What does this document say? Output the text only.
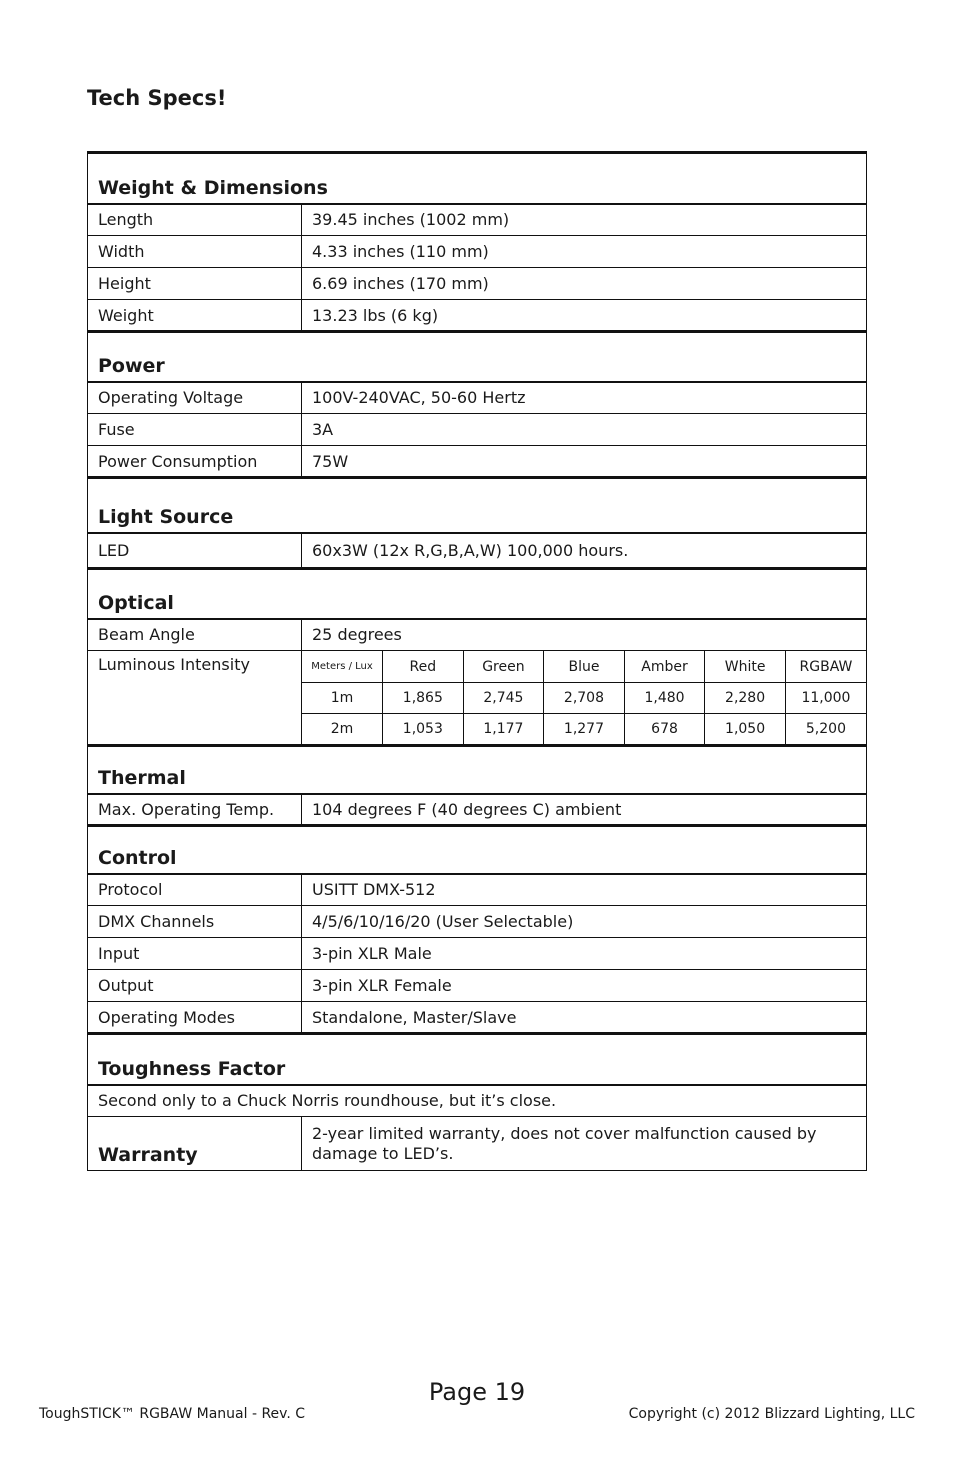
Tech Specs!
Weight & Dimensions
Length	39.45 inches (1002 mm)
Width	4.33 inches (110 mm)
Height	6.69 inches (170 mm)
Weight	13.23 lbs (6 kg)
Power
Operating Voltage	100V-240VAC, 50-60 Hertz
Fuse	3A
Power Consumption	75W
Light Source
LED	60x3W (12x R,G,B,A,W) 100,000 hours.
Optical
Beam Angle	25 degrees
Luminous Intensity		Meters / Lux	Red	Green	Blue	Amber	White	RGBAW
1m	1,865	2,745	2,708	1,480	2,280	11,000
2m	1,053	1,177	1,277	678	1,050	5,200

Thermal
Max. Operating Temp.	104 degrees F (40 degrees C) ambient
Control
Protocol	USITT DMX-512
DMX Channels	4/5/6/10/16/20 (User Selectable)
Input	3-pin XLR Male
Output	3-pin XLR Female
Operating Modes	Standalone, Master/Slave
Toughness Factor
Second only to a Chuck Norris roundhouse, but it’s close.
Warranty	2-year limited warranty, does not cover malfunction caused by damage to LED’s.
Page 19
ToughSTICK™ RGBAW Manual - Rev. C	Copyright (c) 2012 Blizzard Lighting, LLC
